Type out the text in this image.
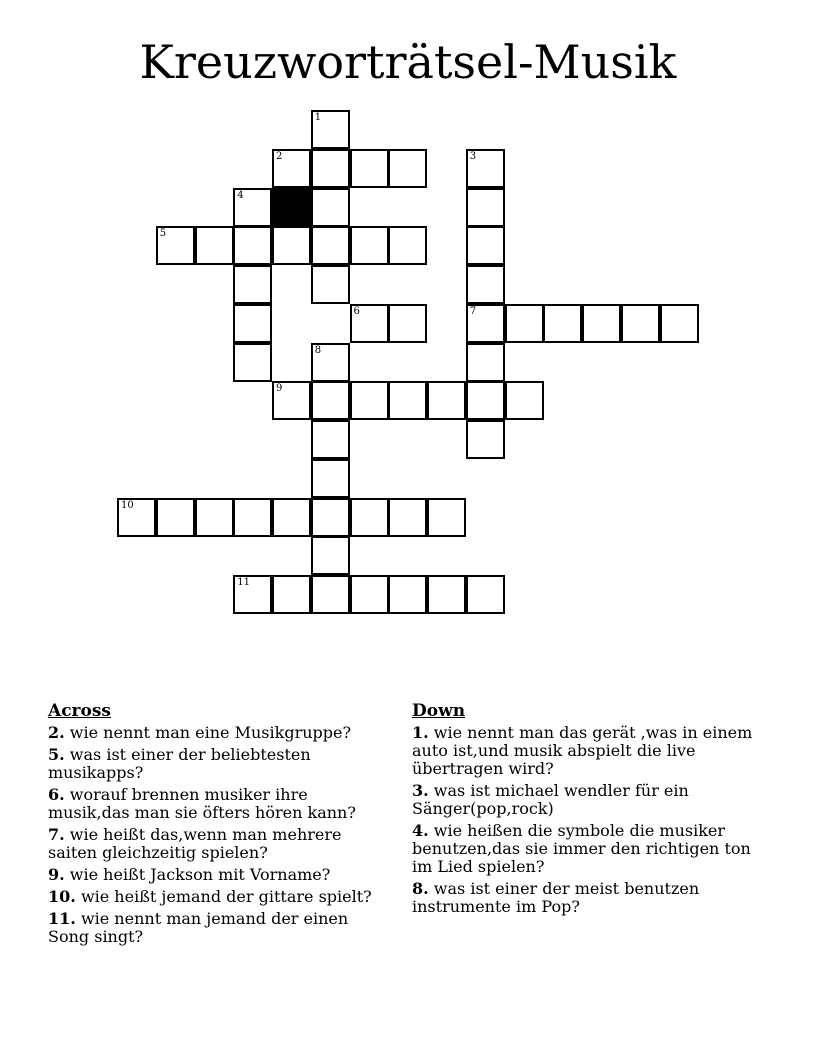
Kreuzworträtsel-Musik
1
2	3
4
5
6	7
8
9
10
11
Across
2. wie nennt man eine Musikgruppe?
5. was ist einer der beliebtesten musikapps?
6. worauf brennen musiker ihre musik,das man sie öfters hören kann?
7. wie heißt das,wenn man mehrere saiten gleichzeitig spielen?
9. wie heißt Jackson mit Vorname?
10. wie heißt jemand der gittare spielt?
11. wie nennt man jemand der einen Song singt?
Down
1. wie nennt man das gerät ,was in einem auto ist,und musik abspielt die live übertragen wird?
3. was ist michael wendler für ein Sänger(pop,rock)
4. wie heißen die symbole die musiker benutzen,das sie immer den richtigen ton im Lied spielen?
8. was ist einer der meist benutzen instrumente im Pop?
